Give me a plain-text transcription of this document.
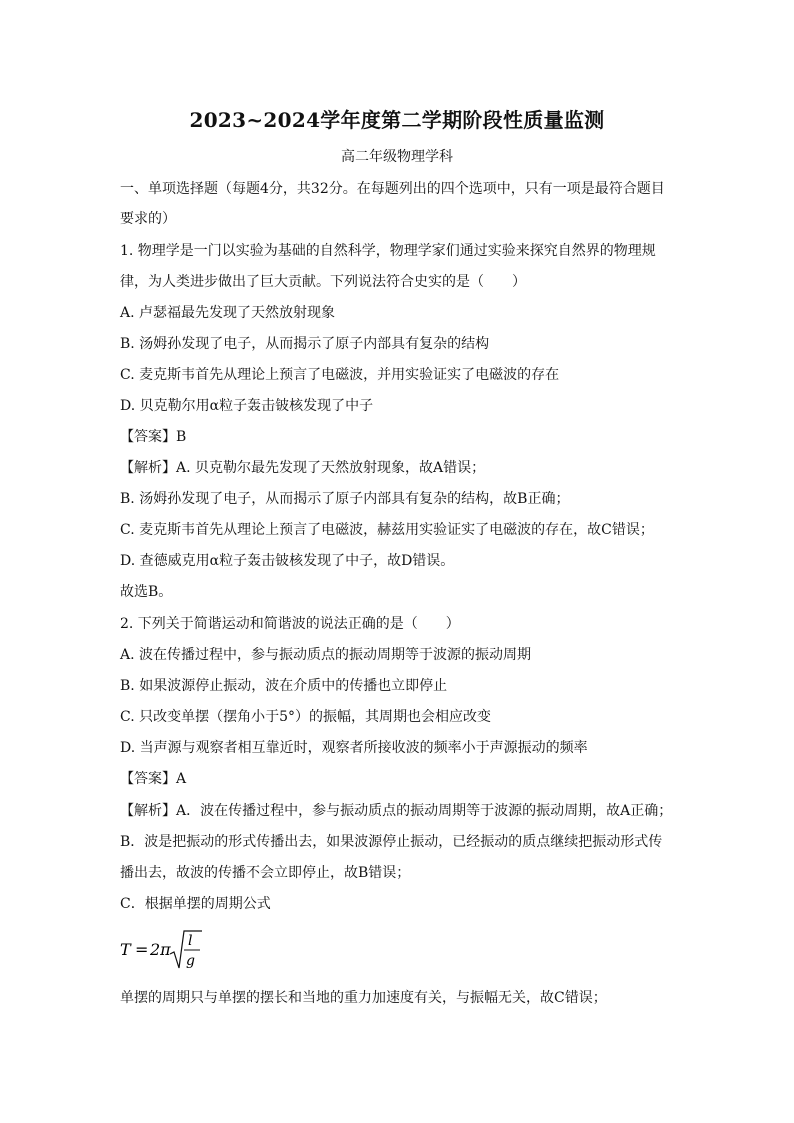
2023~2024学年度第二学期阶段性质量监测
高二年级物理学科
一、单项选择题（每题4分，共32分。在每题列出的四个选项中，只有一项是最符合题目
要求的）
1. 物理学是一门以实验为基础的自然科学，物理学家们通过实验来探究自然界的物理规
律，为人类进步做出了巨大贡献。下列说法符合史实的是（　　）
A. 卢瑟福最先发现了天然放射现象
B. 汤姆孙发现了电子，从而揭示了原子内部具有复杂的结构
C. 麦克斯韦首先从理论上预言了电磁波，并用实验证实了电磁波的存在
D. 贝克勒尔用α粒子轰击铍核发现了中子
【答案】B
【解析】A. 贝克勒尔最先发现了天然放射现象，故A错误；
B. 汤姆孙发现了电子，从而揭示了原子内部具有复杂的结构，故B正确；
C. 麦克斯韦首先从理论上预言了电磁波，赫兹用实验证实了电磁波的存在，故C错误；
D. 查德威克用α粒子轰击铍核发现了中子，故D错误。
故选B。
2. 下列关于简谐运动和简谐波的说法正确的是（　　）
A. 波在传播过程中，参与振动质点的振动周期等于波源的振动周期
B. 如果波源停止振动，波在介质中的传播也立即停止
C. 只改变单摆（摆角小于5°）的振幅，其周期也会相应改变
D. 当声源与观察者相互靠近时，观察者所接收波的频率小于声源振动的频率
【答案】A
【解析】A．波在传播过程中，参与振动质点的振动周期等于波源的振动周期，故A正确；
B．波是把振动的形式传播出去，如果波源停止振动，已经振动的质点继续把振动形式传
播出去，故波的传播不会立即停止，故B错误；
C．根据单摆的周期公式
T = 2π l
g
单摆的周期只与单摆的摆长和当地的重力加速度有关，与振幅无关，故C错误；
